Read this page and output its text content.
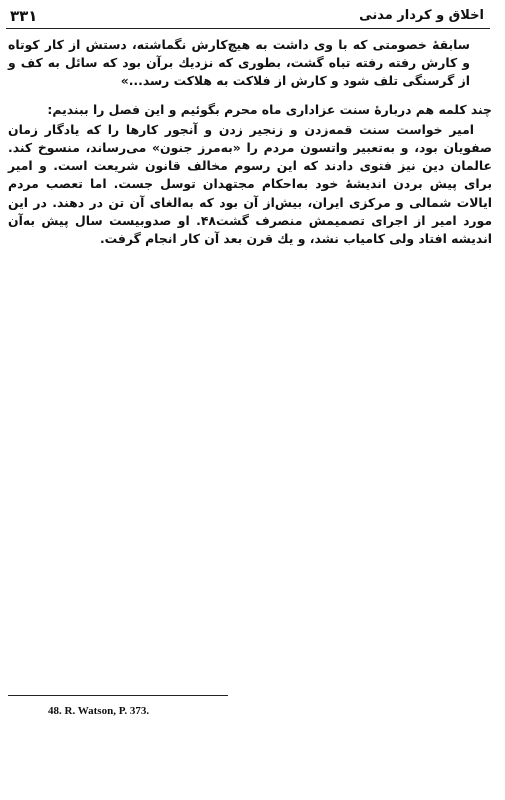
اخلاق و کردار مدنی
۳۳۱

سابقهٔ خصومتی که با وی داشت به هیچ‌کارش نگماشته، دستش از کار کوتاه و کارش رفته رفته تباه گشت، بطوری که نزدیك برآن بود که سائل به کف و از گرسنگی تلف شود و کارش از فلاکت به هلاکت رسد...»

چند کلمه هم دربارهٔ سنت عزاداری ماه محرم بگوئیم و این فصل را ببندیم:

امیر خواست سنت قمه‌زدن و زنجیر زدن و آنجور کارها را که یادگار زمان صفویان بود، و به‌تعبیر واتسون مردم را «به‌مرز جنون» می‌رساند، منسوخ کند. عالمان دین نیز فتوی دادند که این رسوم مخالف قانون شریعت است. و امیر برای پیش بردن اندیشهٔ خود به‌احکام مجتهدان توسل جست. اما تعصب مردم ایالات شمالی و مرکزی ایران، بیش‌از آن بود که به‌الغای آن تن در دهند. در این مورد امیر از اجرای تصمیمش منصرف گشت۴۸. او صدوبیست سال پیش به‌آن اندیشه افتاد ولی کامیاب نشد، و یك قرن بعد آن کار انجام گرفت.

48. R. Watson, P. 373.
